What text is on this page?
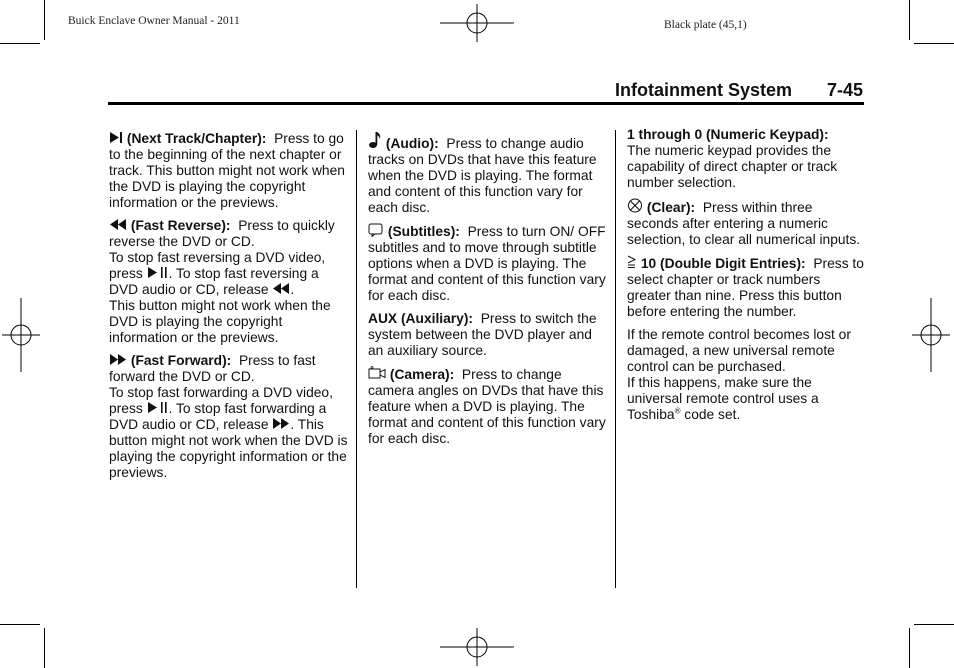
Buick Enclave Owner Manual - 2011	Black plate (45,1)
Infotainment System 7-45

(Next Track/Chapter): Press to go to the beginning of the next chapter or track. This button might not work when the DVD is playing the copyright information or the previews.

(Fast Reverse): Press to quickly reverse the DVD or CD.
To stop fast reversing a DVD video, press . To stop fast reversing a DVD audio or CD, release .
This button might not work when the DVD is playing the copyright information or the previews.

(Fast Forward): Press to fast forward the DVD or CD.
To stop fast forwarding a DVD video, press . To stop fast forwarding a DVD audio or CD, release . This button might not work when the DVD is playing the copyright information or the previews.

(Audio): Press to change audio tracks on DVDs that have this feature when the DVD is playing. The format and content of this function vary for each disc.

(Subtitles): Press to turn ON/ OFF subtitles and to move through subtitle options when a DVD is playing. The format and content of this function vary for each disc.

AUX (Auxiliary): Press to switch the system between the DVD player and an auxiliary source.

(Camera): Press to change camera angles on DVDs that have this feature when a DVD is playing. The format and content of this function vary for each disc.

1 through 0 (Numeric Keypad):
The numeric keypad provides the capability of direct chapter or track number selection.

(Clear): Press within three seconds after entering a numeric selection, to clear all numerical inputs.

10 (Double Digit Entries): Press to select chapter or track numbers greater than nine. Press this button before entering the number.

If the remote control becomes lost or damaged, a new universal remote control can be purchased.
If this happens, make sure the universal remote control uses a Toshiba® code set.
